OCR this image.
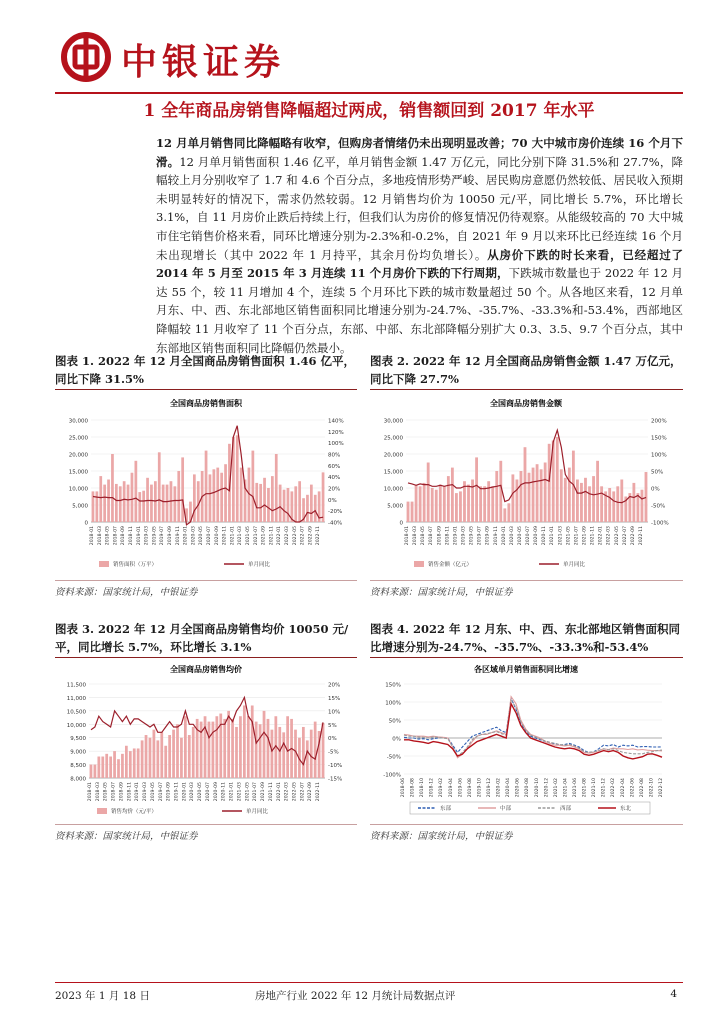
中银证券
1 全年商品房销售降幅超过两成，销售额回到 2017 年水平
12 月单月销售同比降幅略有收窄，但购房者情绪仍未出现明显改善；70 大中城市房价连续 16 个月下滑。12 月单月销售面积 1.46 亿平，单月销售金额 1.47 万亿元，同比分别下降 31.5%和 27.7%，降幅较上月分别收窄了 1.7 和 4.6 个百分点，多地疫情形势严峻、居民购房意愿仍然较低、居民收入预期未明显转好的情况下，需求仍然较弱。12 月销售均价为 10050 元/平，同比增长 5.7%，环比增长 3.1%，自 11 月房价止跌后持续上行，但我们认为房价的修复情况仍待观察。从能级较高的 70 大中城市住宅销售价格来看，同环比增速分别为-2.3%和-0.2%，自 2021 年 9 月以来环比已经连续 16 个月未出现增长（其中 2022 年 1 月持平，其余月份均负增长）。从房价下跌的时长来看，已经超过了 2014 年 5 月至 2015 年 3 月连续 11 个月房价下跌的下行周期，下跌城市数量也于 2022 年 12 月达 55 个，较 11 月增加 4 个，连续 5 个月环比下跌的城市数量超过 50 个。从各地区来看，12 月单月东、中、西、东北部地区销售面积同比增速分别为-24.7%、-35.7%、-33.3%和-53.4%，西部地区降幅较 11 月收窄了 11 个百分点，东部、中部、东北部降幅分别扩大 0.3、3.5、9.7 个百分点，其中东部地区销售面积同比降幅仍然最小。
图表 1. 2022 年 12 月全国商品房销售面积 1.46 亿平，同比下降 31.5%
全国商品房销售面积
0
5,000
10,000
15,000
20,000
25,000
30,000
-40%
-20%
0%
20%
40%
60%
80%
100%
120%
140%
2018-01 2018-03 2018-05 2018-07 2018-09 2018-11 2019-01 2019-03 2019-05 2019-07 2019-09 2019-11 2020-01 2020-03 2020-05 2020-07 2020-09 2020-11 2021-01 2021-03 2021-05 2021-07 2021-09 2021-11 2022-01 2022-03 2022-05 2022-07 2022-09 2022-11
销售面积（万平）	单月同比
资料来源：国家统计局，中银证券
图表 2. 2022 年 12 月全国商品房销售金额 1.47 万亿元，同比下降 27.7%
全国商品房销售金额
0
5,000
10,000
15,000
20,000
25,000
30,000
-100%
-50%
0%
50%
100%
150%
200%
2018-01 2018-03 2018-05 2018-07 2018-09 2018-11 2019-01 2019-03 2019-05 2019-07 2019-09 2019-11 2020-01 2020-03 2020-05 2020-07 2020-09 2020-11 2021-01 2021-03 2021-05 2021-07 2021-09 2021-11 2022-01 2022-03 2022-05 2022-07 2022-09 2022-11
销售金额（亿元）	单月同比
资料来源：国家统计局，中银证券
图表 3. 2022 年 12 月全国商品房销售均价 10050 元/平，同比增长 5.7%，环比增长 3.1%
全国商品房销售均价
8,000
8,500
9,000
9,500
10,000
10,500
11,000
11,500
-15%
-10%
-5%
0%
5%
10%
15%
20%
2018-01 2018-03 2018-05 2018-07 2018-09 2018-11 2019-01 2019-03 2019-05 2019-07 2019-09 2019-11 2020-01 2020-03 2020-05 2020-07 2020-09 2020-11 2021-01 2021-03 2021-05 2021-07 2021-09 2021-11 2022-01 2022-03 2022-05 2022-07 2022-09 2022-11
销售均价（元/平）	单月同比
资料来源：国家统计局，中银证券
图表 4. 2022 年 12 月东、中、西、东北部地区销售面积同比增速分别为-24.7%、-35.7%、-33.3%和-53.4%
各区域单月销售面积同比增速
-100%
-50%
0%
50%
100%
150%
2018-06 2018-08 2018-10 2018-12 2019-02 2019-04 2019-06 2019-08 2019-10 2019-12 2020-02 2020-04 2020-06 2020-08 2020-10 2020-12 2021-02 2021-04 2021-06 2021-08 2021-10 2021-12 2022-02 2022-04 2022-06 2022-08 2022-10 2022-12
东部	中部	西部	东北
资料来源：国家统计局，中银证券
2023 年 1 月 18 日	房地产行业 2022 年 12 月统计局数据点评	4
